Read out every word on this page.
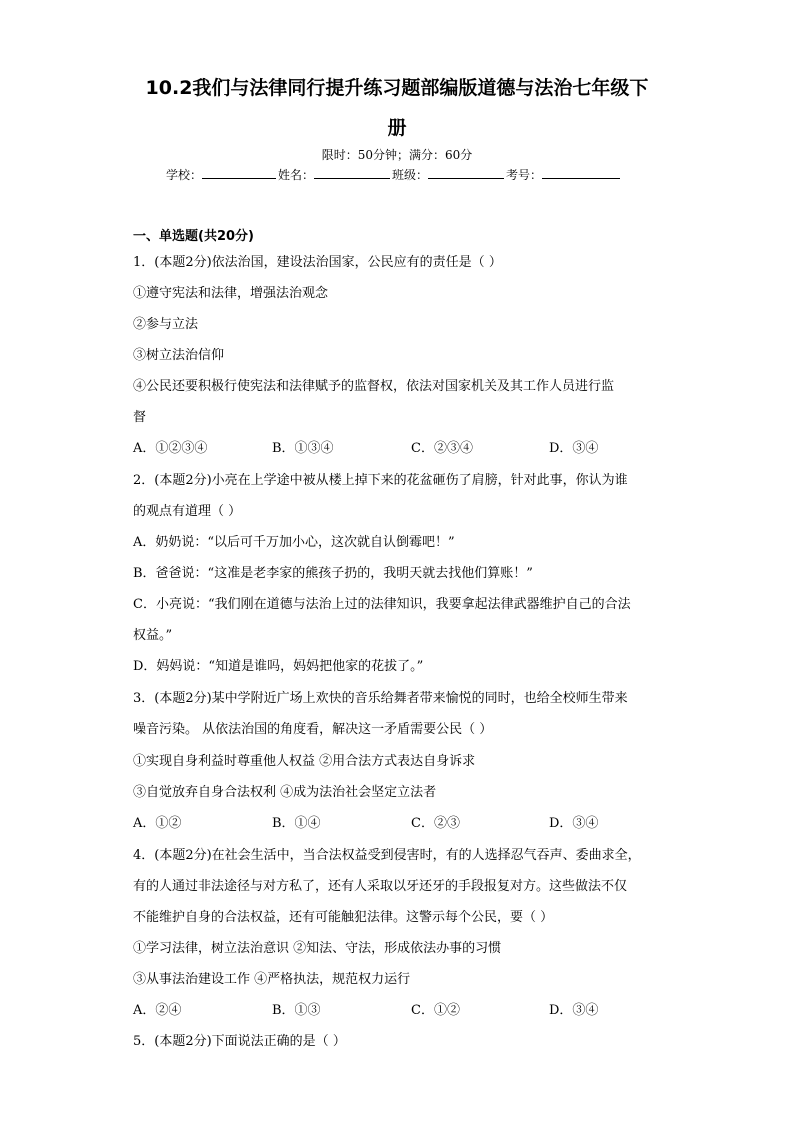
10.2我们与法律同行提升练习题部编版道德与法治七年级下
册
限时：50分钟；满分：60分
学校：	姓名：	班级：	考号：
一、单选题(共20分)
1．(本题2分)依法治国，建设法治国家，公民应有的责任是（ ）
①遵守宪法和法律，增强法治观念
②参与立法
③树立法治信仰
④公民还要积极行使宪法和法律赋予的监督权，依法对国家机关及其工作人员进行监
督
A．①②③④	B．①③④	C．②③④	D．③④
2．(本题2分)小亮在上学途中被从楼上掉下来的花盆砸伤了肩膀，针对此事，你认为谁
的观点有道理（ ）
A．奶奶说：“以后可千万加小心，这次就自认倒霉吧！”
B．爸爸说：“这准是老李家的熊孩子扔的，我明天就去找他们算账！”
C．小亮说：“我们刚在道德与法治上过的法律知识，我要拿起法律武器维护自己的合法
权益。”
D．妈妈说：“知道是谁吗，妈妈把他家的花拔了。”
3．(本题2分)某中学附近广场上欢快的音乐给舞者带来愉悦的同时，也给全校师生带来
噪音污染。 从依法治国的角度看，解决这一矛盾需要公民（ ）
①实现自身利益时尊重他人权益 ②用合法方式表达自身诉求
③自觉放弃自身合法权利 ④成为法治社会坚定立法者
A．①②	B．①④	C．②③	D．③④
4．(本题2分)在社会生活中，当合法权益受到侵害时，有的人选择忍气吞声、委曲求全，
有的人通过非法途径与对方私了，还有人采取以牙还牙的手段报复对方。这些做法不仅
不能维护自身的合法权益，还有可能触犯法律。这警示每个公民，要（ ）
①学习法律，树立法治意识 ②知法、守法，形成依法办事的习惯
③从事法治建设工作 ④严格执法，规范权力运行
A．②④	B．①③	C．①②	D．③④
5．(本题2分)下面说法正确的是（ ）
